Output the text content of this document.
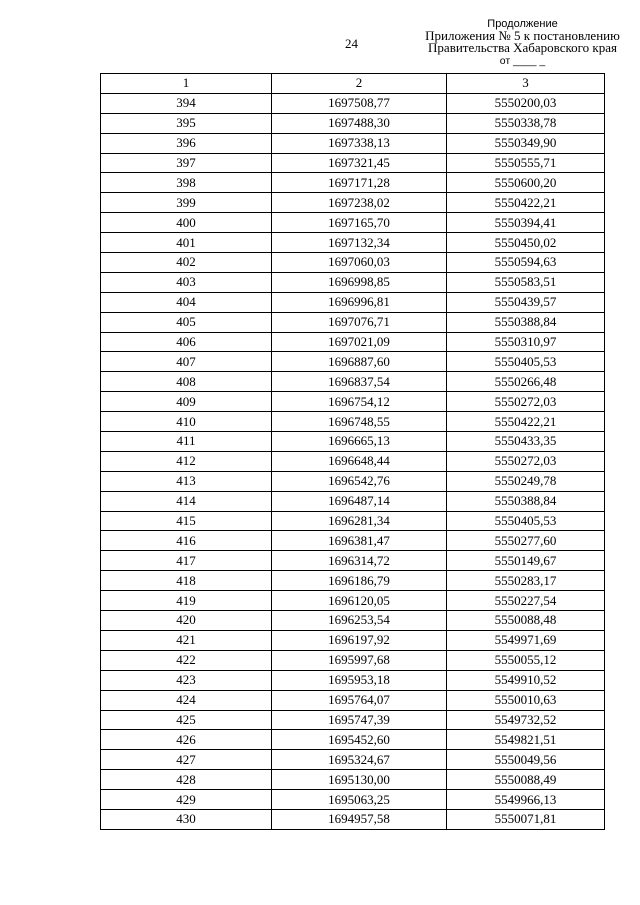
24
Продолжение
Приложения № 5 к постановлению
Правительства Хабаровского края
от ____ _
1	2	3
394	1697508,77	5550200,03
395	1697488,30	5550338,78
396	1697338,13	5550349,90
397	1697321,45	5550555,71
398	1697171,28	5550600,20
399	1697238,02	5550422,21
400	1697165,70	5550394,41
401	1697132,34	5550450,02
402	1697060,03	5550594,63
403	1696998,85	5550583,51
404	1696996,81	5550439,57
405	1697076,71	5550388,84
406	1697021,09	5550310,97
407	1696887,60	5550405,53
408	1696837,54	5550266,48
409	1696754,12	5550272,03
410	1696748,55	5550422,21
411	1696665,13	5550433,35
412	1696648,44	5550272,03
413	1696542,76	5550249,78
414	1696487,14	5550388,84
415	1696281,34	5550405,53
416	1696381,47	5550277,60
417	1696314,72	5550149,67
418	1696186,79	5550283,17
419	1696120,05	5550227,54
420	1696253,54	5550088,48
421	1696197,92	5549971,69
422	1695997,68	5550055,12
423	1695953,18	5549910,52
424	1695764,07	5550010,63
425	1695747,39	5549732,52
426	1695452,60	5549821,51
427	1695324,67	5550049,56
428	1695130,00	5550088,49
429	1695063,25	5549966,13
430	1694957,58	5550071,81
